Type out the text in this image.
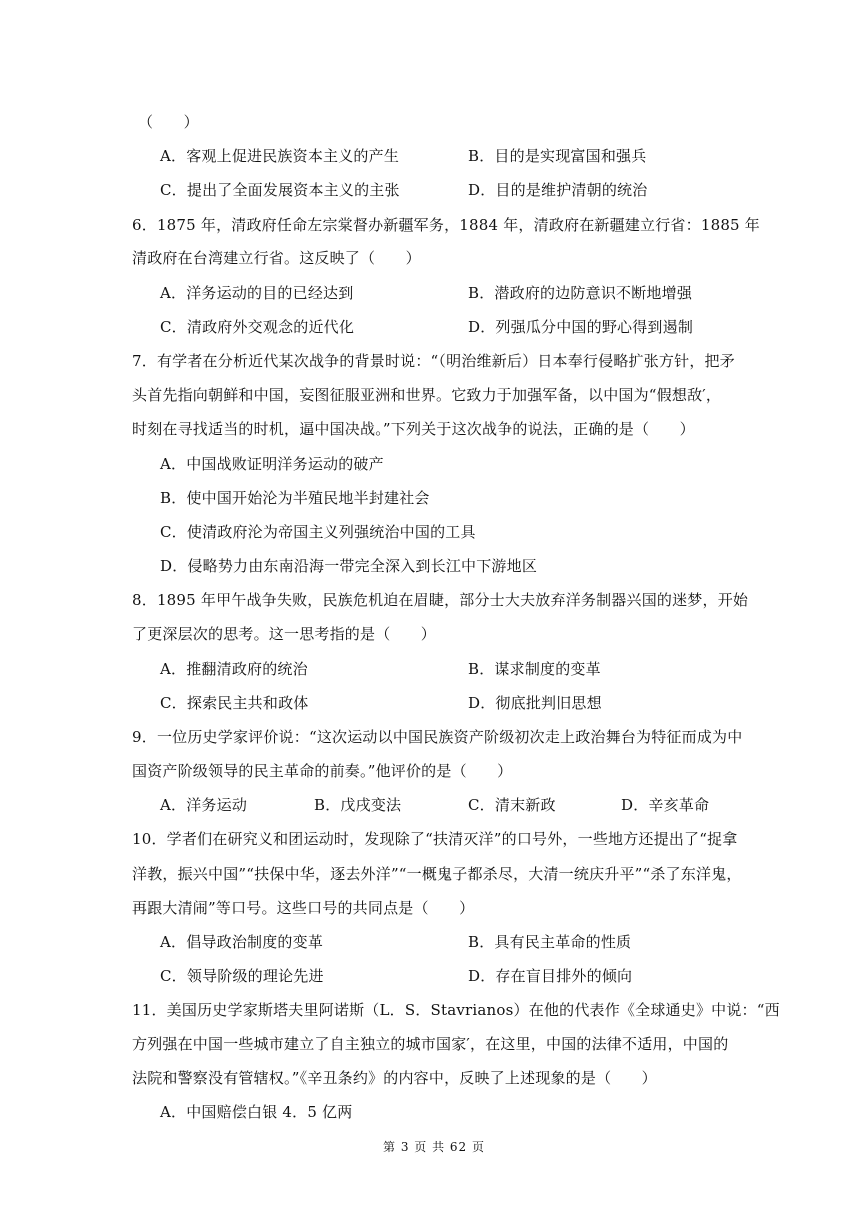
（　　）
A．客观上促进民族资本主义的产生	B．目的是实现富国和强兵
C．提出了全面发展资本主义的主张	D．目的是维护清朝的统治
6．1875 年，清政府任命左宗棠督办新疆军务，1884 年，清政府在新疆建立行省：1885 年
清政府在台湾建立行省。这反映了（　　）
A．洋务运动的目的已经达到	B．潜政府的边防意识不断地增强
C．清政府外交观念的近代化	D．列强瓜分中国的野心得到遏制
7．有学者在分析近代某次战争的背景时说：“（明治维新后）日本奉行侵略扩张方针，把矛
头首先指向朝鲜和中国，妄图征服亚洲和世界。它致力于加强军备，以中国为“假想敌′，
时刻在寻找适当的时机，逼中国决战。”下列关于这次战争的说法，正确的是（　　）
A．中国战败证明洋务运动的破产
B．使中国开始沦为半殖民地半封建社会
C．使清政府沦为帝国主义列强统治中国的工具
D．侵略势力由东南沿海一带完全深入到长江中下游地区
8．1895 年甲午战争失败，民族危机迫在眉睫，部分士大夫放弃洋务制器兴国的迷梦，开始
了更深层次的思考。这一思考指的是（　　）
A．推翻清政府的统治	B．谋求制度的变革
C．探索民主共和政体	D．彻底批判旧思想
9．一位历史学家评价说：“这次运动以中国民族资产阶级初次走上政治舞台为特征而成为中
国资产阶级领导的民主革命的前奏。”他评价的是（　　）
A．洋务运动	B．戊戌变法	C．清末新政	D．辛亥革命
10．学者们在研究义和团运动时，发现除了“扶清灭洋”的口号外，一些地方还提出了“捉拿
洋教，振兴中国”“扶保中华，逐去外洋”“一概鬼子都杀尽，大清一统庆升平”“杀了东洋鬼，
再跟大清闹”等口号。这些口号的共同点是（　　）
A．倡导政治制度的变革	B．具有民主革命的性质
C．领导阶级的理论先进	D．存在盲目排外的倾向
11．美国历史学家斯塔夫里阿诺斯（L．S．Stavrianos）在他的代表作《全球通史》中说：“西
方列强在中国一些城市建立了自主独立的城市国家′，在这里，中国的法律不适用，中国的
法院和警察没有管辖权。”《辛丑条约》的内容中，反映了上述现象的是（　　）
A．中国赔偿白银 4．5 亿两
第 3 页 共 62 页
